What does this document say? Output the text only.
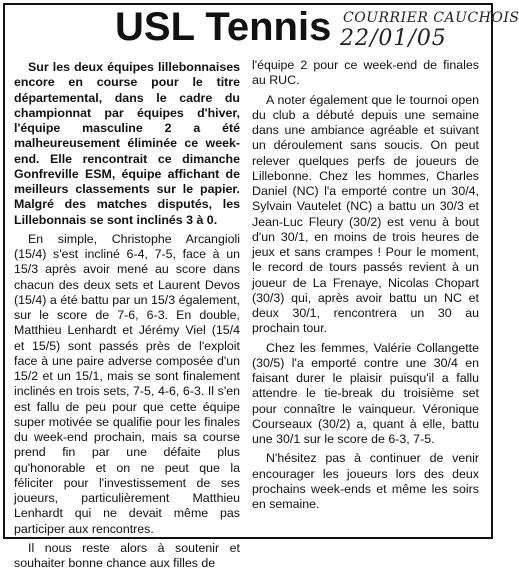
USL Tennis COURRIER CAUCHOIS
22/01/05

Sur les deux équipes lillebonnaises encore en course pour le titre départemental, dans le cadre du championnat par équipes d'hiver, l'équipe masculine 2 a été malheureusement éliminée ce week-end. Elle rencontrait ce dimanche Gonfreville ESM, équipe affichant de meilleurs classements sur le papier. Malgré des matches disputés, les Lillebonnais se sont inclinés 3 à 0.

En simple, Christophe Arcangioli (15/4) s'est incliné 6-4, 7-5, face à un 15/3 après avoir mené au score dans chacun des deux sets et Laurent Devos (15/4) a été battu par un 15/3 également, sur le score de 7-6, 6-3. En double, Matthieu Lenhardt et Jérémy Viel (15/4 et 15/5) sont passés près de l'exploit face à une paire adverse composée d'un 15/2 et un 15/1, mais se sont finalement inclinés en trois sets, 7-5, 4-6, 6-3. Il s'en est fallu de peu pour que cette équipe super motivée se qualifie pour les finales du week-end prochain, mais sa course prend fin par une défaite plus qu'honorable et on ne peut que la féliciter pour l'investissement de ses joueurs, particulièrement Matthieu Lenhardt qui ne devait même pas participer aux rencontres.

Il nous reste alors à soutenir et souhaiter bonne chance aux filles de

l'équipe 2 pour ce week-end de finales au RUC.

A noter également que le tournoi open du club a débuté depuis une semaine dans une ambiance agréable et suivant un déroulement sans soucis. On peut relever quelques perfs de joueurs de Lillebonne. Chez les hommes, Charles Daniel (NC) l'a emporté contre un 30/4, Sylvain Vautelet (NC) a battu un 30/3 et Jean-Luc Fleury (30/2) est venu à bout d'un 30/1, en moins de trois heures de jeux et sans crampes ! Pour le moment, le record de tours passés revient à un joueur de La Frenaye, Nicolas Chopart (30/3) qui, après avoir battu un NC et deux 30/1, rencontrera un 30 au prochain tour.

Chez les femmes, Valérie Collangette (30/5) l'a emporté contre une 30/4 en faisant durer le plaisir puisqu'il a fallu attendre le tie-break du troisième set pour connaître le vainqueur. Véronique Courseaux (30/2) a, quant à elle, battu une 30/1 sur le score de 6-3, 7-5.

N'hésitez pas à continuer de venir encourager les joueurs lors des deux prochains week-ends et même les soirs en semaine.
